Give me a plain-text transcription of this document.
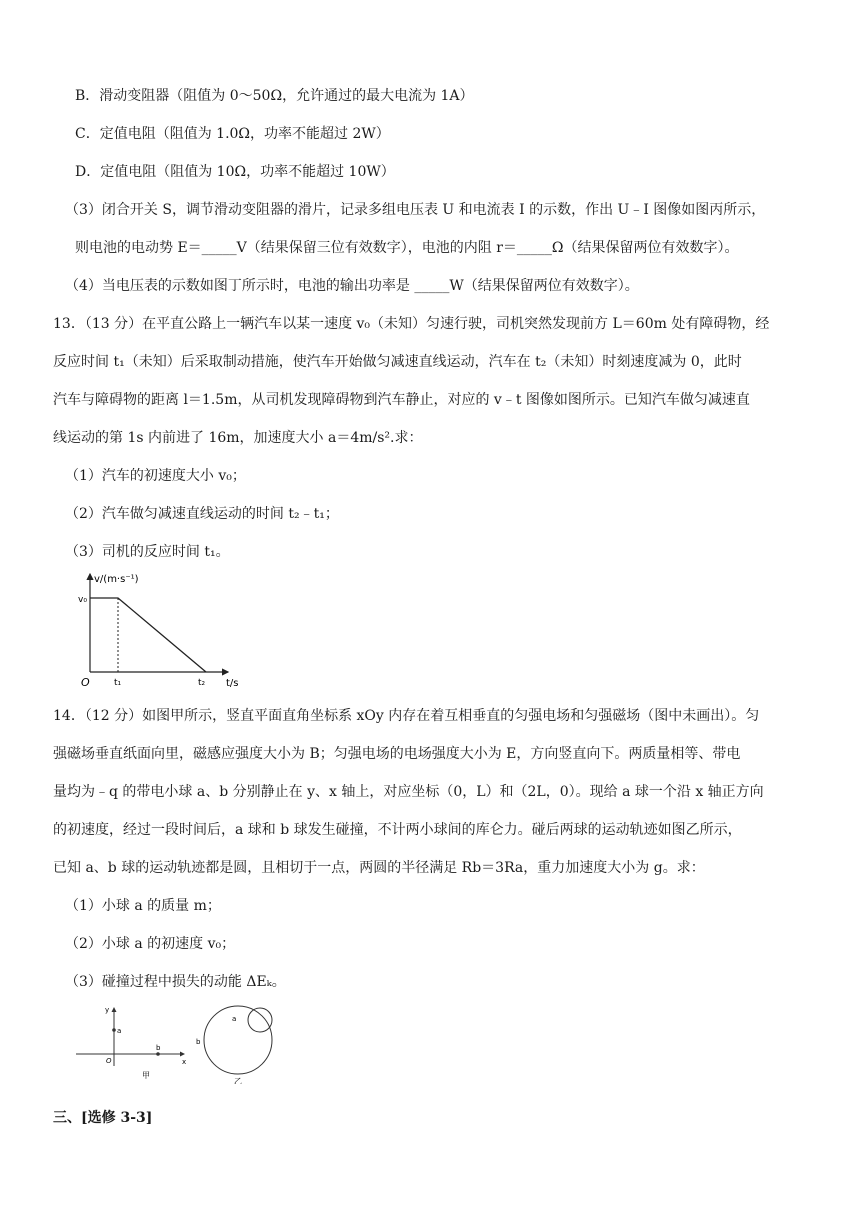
B．滑动变阻器（阻值为 0～50Ω，允许通过的最大电流为 1A）
C．定值电阻（阻值为 1.0Ω，功率不能超过 2W）
D．定值电阻（阻值为 10Ω，功率不能超过 10W）
（3）闭合开关 S，调节滑动变阻器的滑片，记录多组电压表 U 和电流表 I 的示数，作出 U﹣I 图像如图丙所示，
则电池的电动势 E＝_____V（结果保留三位有效数字），电池的内阻 r＝_____Ω（结果保留两位有效数字）。
（4）当电压表的示数如图丁所示时，电池的输出功率是 _____W（结果保留两位有效数字）。
13．（13 分）在平直公路上一辆汽车以某一速度 v₀（未知）匀速行驶，司机突然发现前方 L＝60m 处有障碍物，经
反应时间 t₁（未知）后采取制动措施，使汽车开始做匀减速直线运动，汽车在 t₂（未知）时刻速度减为 0，此时
汽车与障碍物的距离 l＝1.5m，从司机发现障碍物到汽车静止，对应的 v﹣t 图像如图所示。已知汽车做匀减速直
线运动的第 1s 内前进了 16m，加速度大小 a＝4m/s².求：
（1）汽车的初速度大小 v₀；
（2）汽车做匀减速直线运动的时间 t₂﹣t₁；
（3）司机的反应时间 t₁。
v/(m·s⁻¹)
t/s
O
v₀
t₁	t₂
14．（12 分）如图甲所示，竖直平面直角坐标系 xOy 内存在着互相垂直的匀强电场和匀强磁场（图中未画出）。匀
强磁场垂直纸面向里，磁感应强度大小为 B；匀强电场的电场强度大小为 E，方向竖直向下。两质量相等、带电
量均为﹣q 的带电小球 a、b 分别静止在 y、x 轴上，对应坐标（0，L）和（2L，0）。现给 a 球一个沿 x 轴正方向
的初速度，经过一段时间后，a 球和 b 球发生碰撞，不计两小球间的库仑力。碰后两球的运动轨迹如图乙所示，
已知 a、b 球的运动轨迹都是圆，且相切于一点，两圆的半径满足 Rb＝3Ra，重力加速度大小为 g。求：
（1）小球 a 的质量 m；
（2）小球 a 的初速度 v₀；
（3）碰撞过程中损失的动能 ΔEₖ。
y
x
a
b
O
甲
a
b
乙
三、[选修 3-3]
